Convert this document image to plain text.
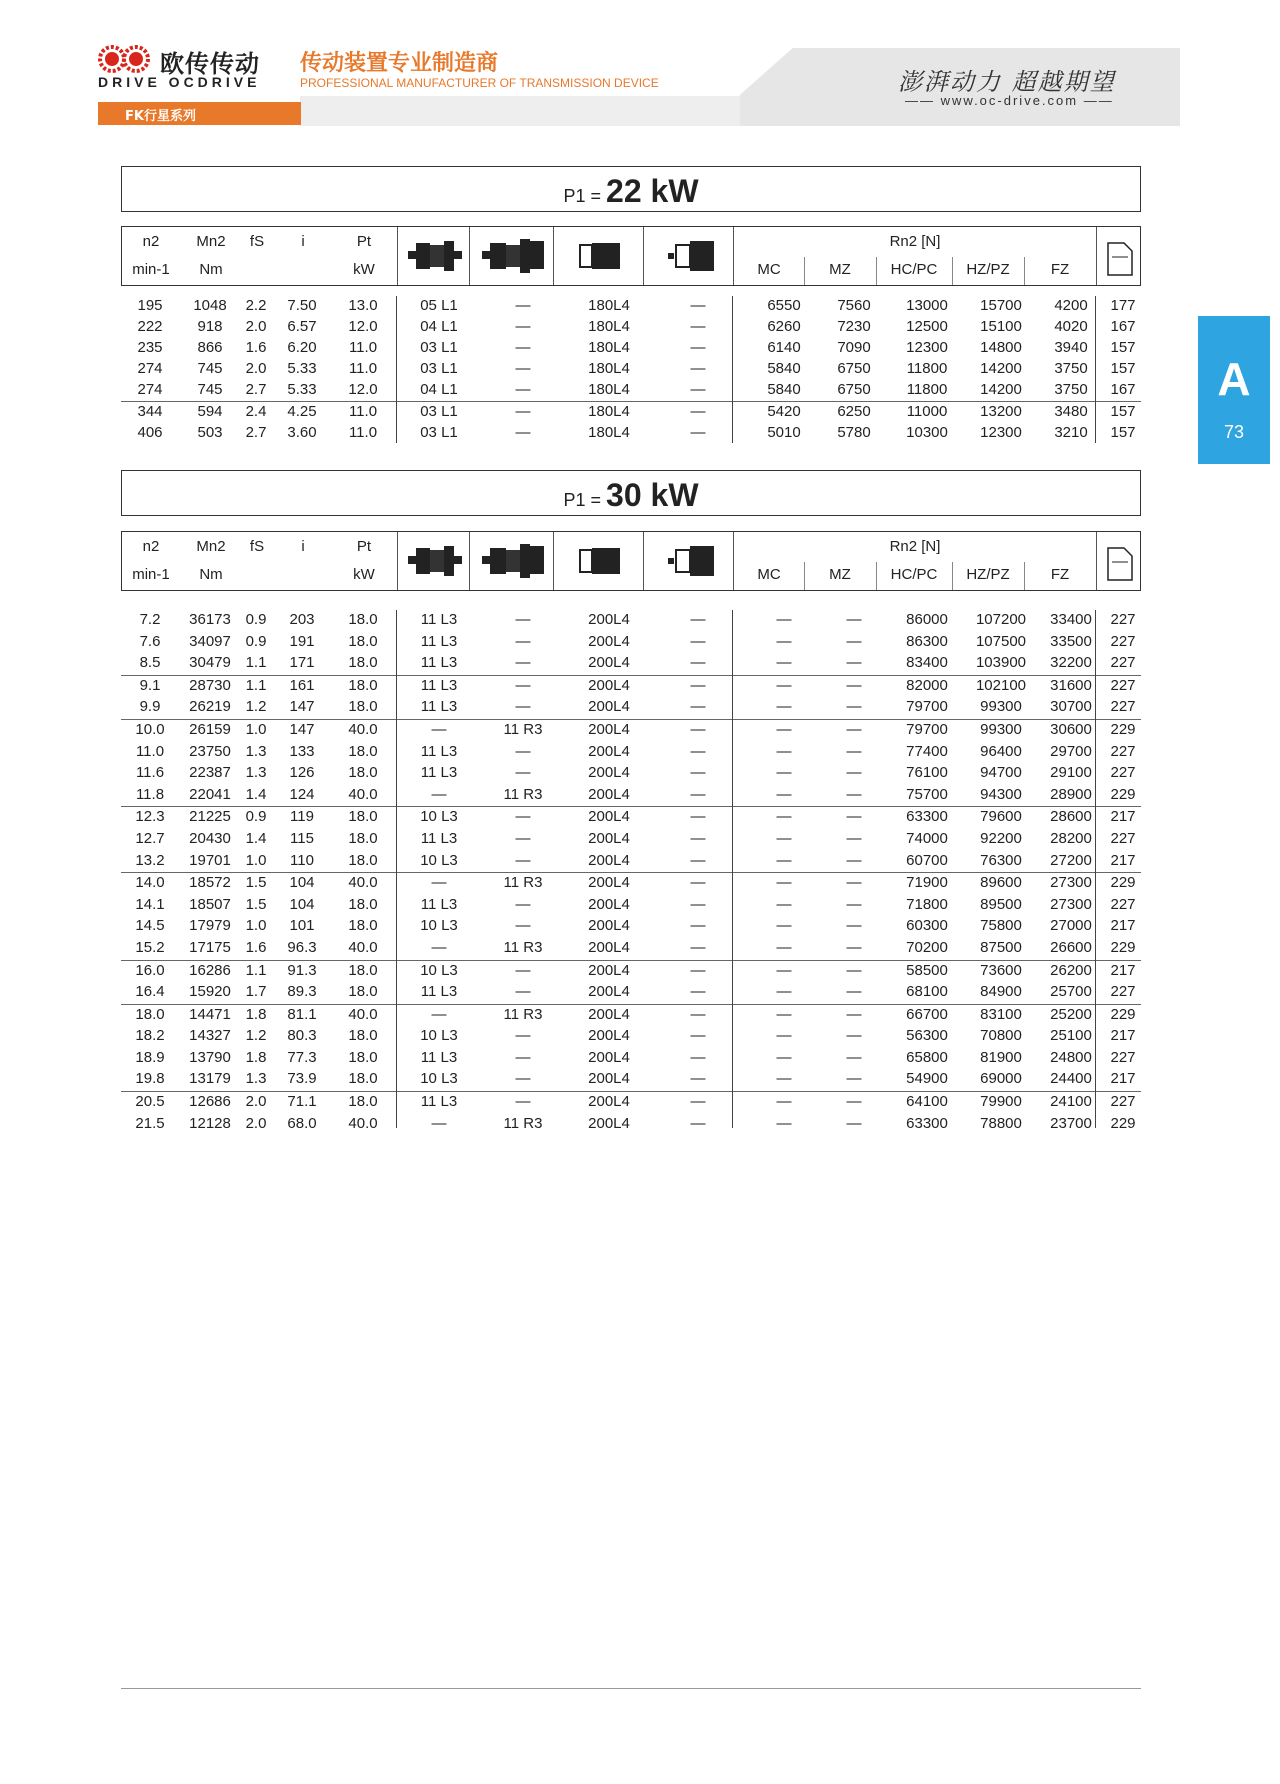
欧传传动
DRIVE OCDRIVE
传动装置专业制造商
PROFESSIONAL MANUFACTURER OF TRANSMISSION DEVICE	澎湃动力 超越期望
—— www.oc-drive.com ——
FK行星系列
A
73
P1 = 22 kW
n2
min-1
Mn2
Nm
fS	i	Pt
kW
Rn2 [N]
MC	MZ	HC/PC	HZ/PZ	FZ
195	1048	2.2	7.50	13.0	05 L1	—	180L4	—	6550	7560	13000	15700	4200	177
222	918	2.0	6.57	12.0	04 L1	—	180L4	—	6260	7230	12500	15100	4020	167
235	866	1.6	6.20	11.0	03 L1	—	180L4	—	6140	7090	12300	14800	3940	157
274	745	2.0	5.33	11.0	03 L1	—	180L4	—	5840	6750	11800	14200	3750	157
274	745	2.7	5.33	12.0	04 L1	—	180L4	—	5840	6750	11800	14200	3750	167
344	594	2.4	4.25	11.0	03 L1	—	180L4	—	5420	6250	11000	13200	3480	157
406	503	2.7	3.60	11.0	03 L1	—	180L4	—	5010	5780	10300	12300	3210	157
P1 = 30 kW
n2
min-1
Mn2
Nm
fS	i	Pt
kW
Rn2 [N]
MC	MZ	HC/PC	HZ/PZ	FZ
7.2	36173 0.9	203	18.0	11 L3	—	200L4	—	—	—	86000	107200	33400	227
7.6	34097 0.9	191	18.0	11 L3	—	200L4	—	—	—	86300	107500	33500	227
8.5	30479 1.1	171	18.0	11 L3	—	200L4	—	—	—	83400	103900	32200	227
9.1	28730 1.1	161	18.0	11 L3	—	200L4	—	—	—	82000	102100	31600	227
9.9	26219 1.2	147	18.0	11 L3	—	200L4	—	—	—	79700	99300	30700	227
10.0	26159 1.0	147	40.0	—	11 R3	200L4	—	—	—	79700	99300	30600	229
11.0	23750 1.3	133	18.0	11 L3	—	200L4	—	—	—	77400	96400	29700	227
11.6	22387 1.3	126	18.0	11 L3	—	200L4	—	—	—	76100	94700	29100	227
11.8	22041 1.4	124	40.0	—	11 R3	200L4	—	—	—	75700	94300	28900	229
12.3	21225 0.9	119	18.0	10 L3	—	200L4	—	—	—	63300	79600	28600	217
12.7	20430 1.4	115	18.0	11 L3	—	200L4	—	—	—	74000	92200	28200	227
13.2	19701 1.0	110	18.0	10 L3	—	200L4	—	—	—	60700	76300	27200	217
14.0	18572 1.5	104	40.0	—	11 R3	200L4	—	—	—	71900	89600	27300	229
14.1	18507 1.5	104	18.0	11 L3	—	200L4	—	—	—	71800	89500	27300	227
14.5	17979 1.0	101	18.0	10 L3	—	200L4	—	—	—	60300	75800	27000	217
15.2	17175 1.6	96.3	40.0	—	11 R3	200L4	—	—	—	70200	87500	26600	229
16.0	16286 1.1	91.3	18.0	10 L3	—	200L4	—	—	—	58500	73600	26200	217
16.4	15920 1.7	89.3	18.0	11 L3	—	200L4	—	—	—	68100	84900	25700	227
18.0	14471 1.8	81.1	40.0	—	11 R3	200L4	—	—	—	66700	83100	25200	229
18.2	14327 1.2	80.3	18.0	10 L3	—	200L4	—	—	—	56300	70800	25100	217
18.9	13790 1.8	77.3	18.0	11 L3	—	200L4	—	—	—	65800	81900	24800	227
19.8	13179 1.3	73.9	18.0	10 L3	—	200L4	—	—	—	54900	69000	24400	217
20.5	12686 2.0	71.1	18.0	11 L3	—	200L4	—	—	—	64100	79900	24100	227
21.5	12128 2.0	68.0	40.0	—	11 R3	200L4	—	—	—	63300	78800	23700	229
